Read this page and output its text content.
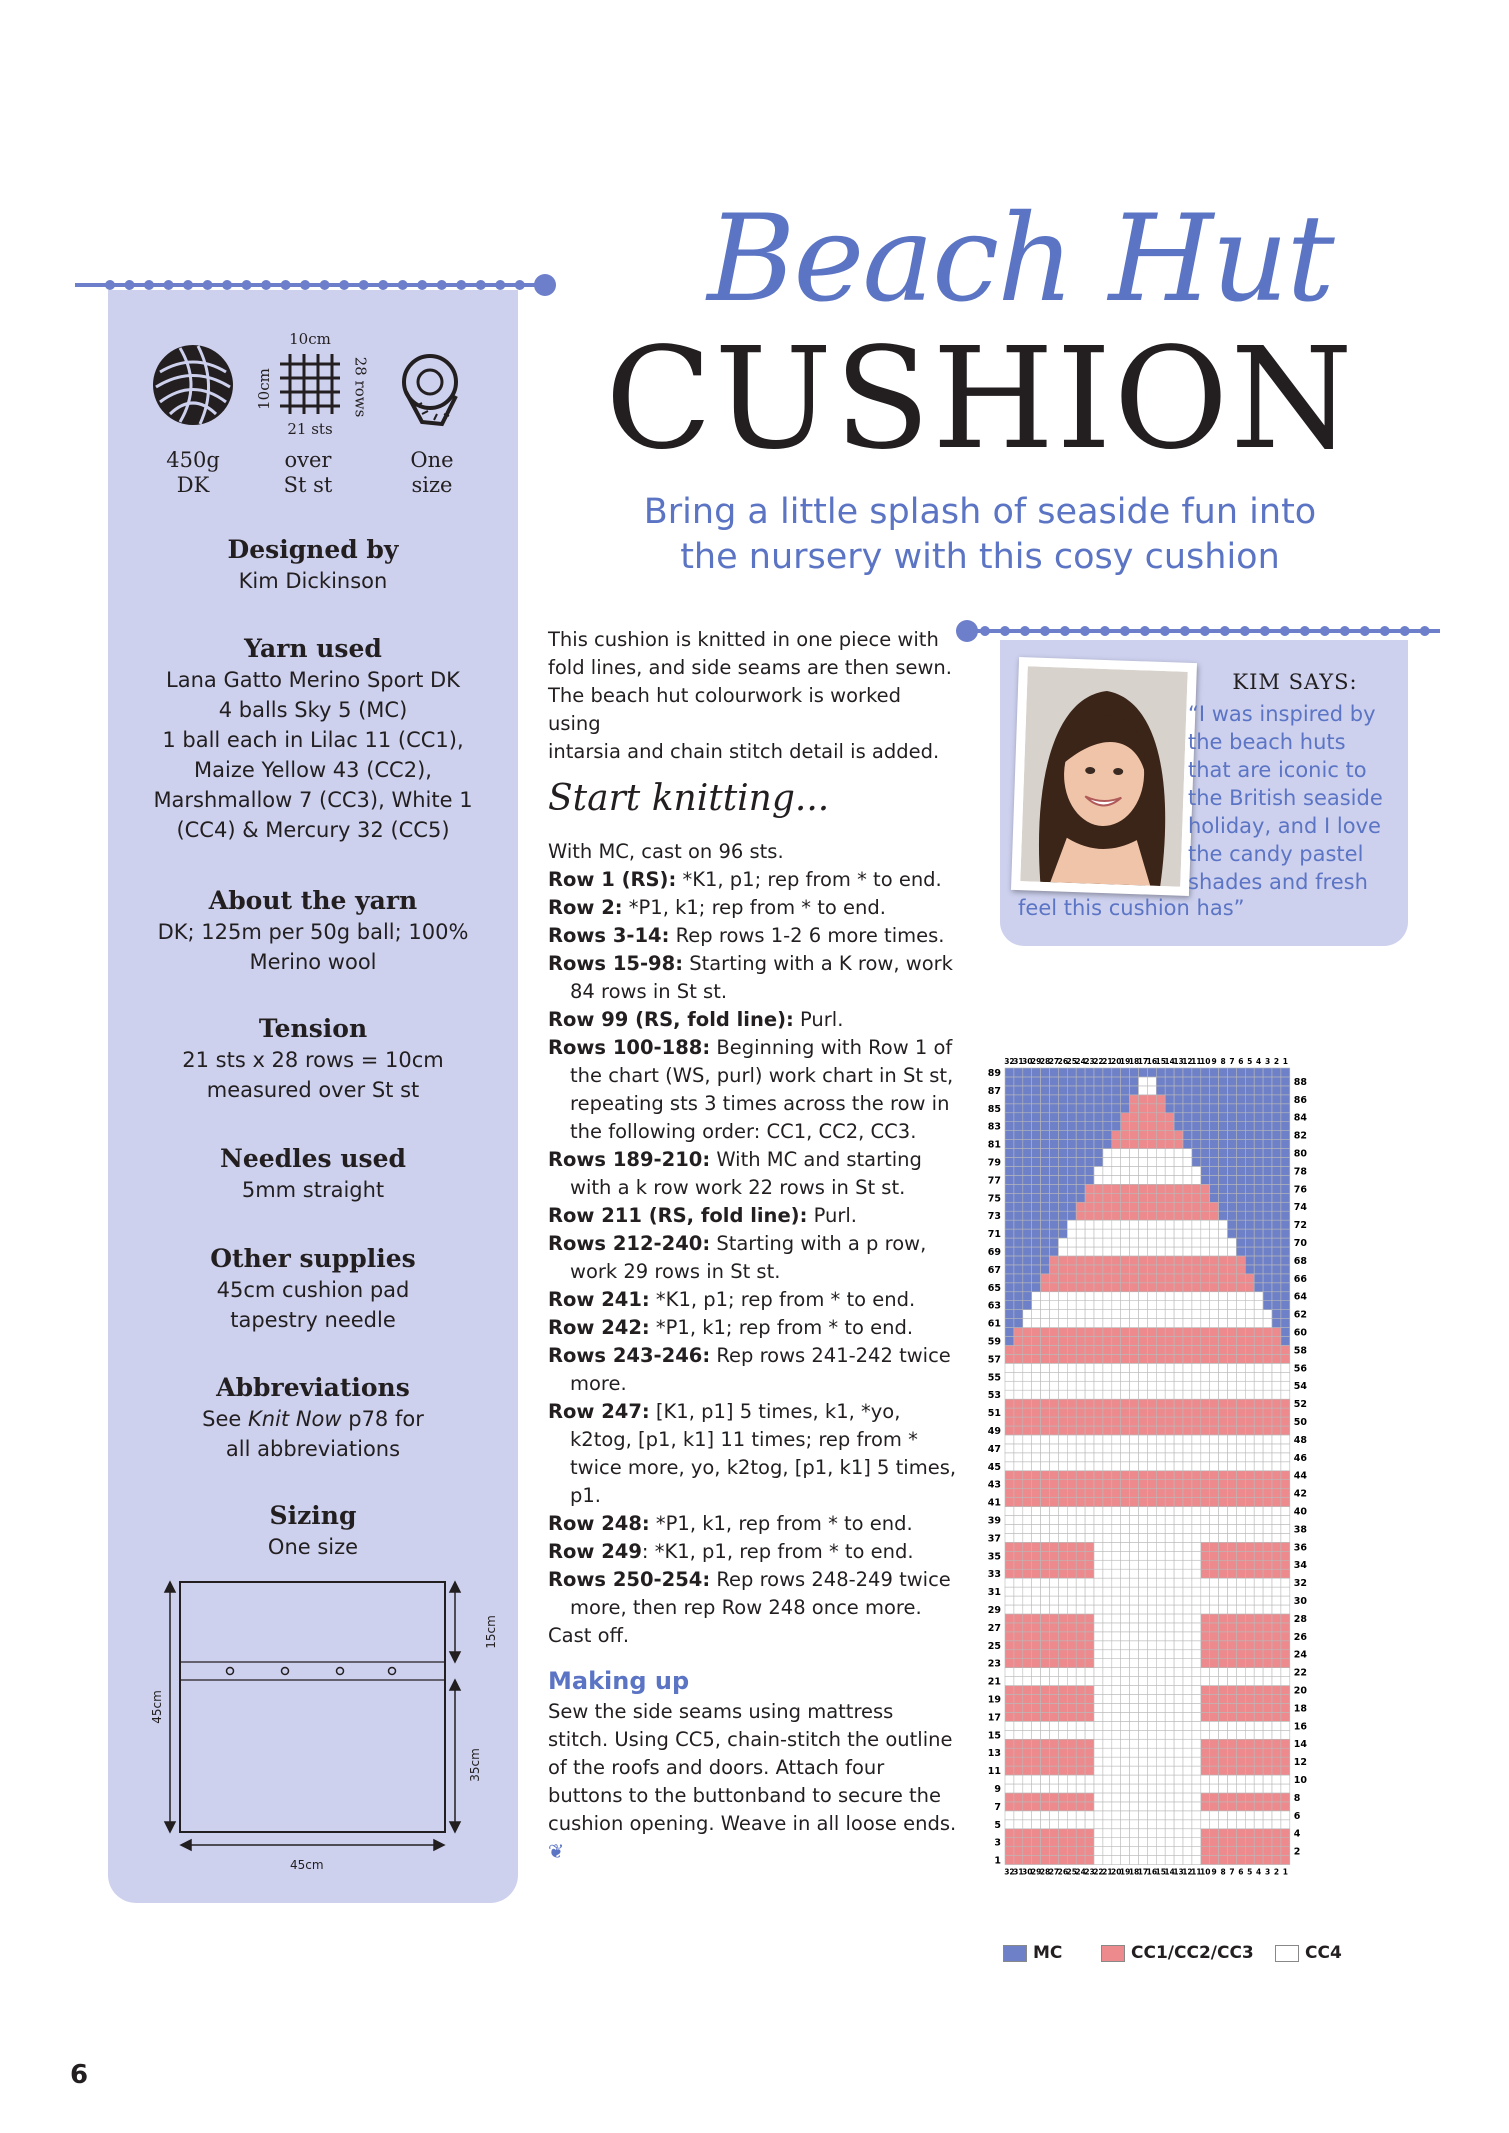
10cm
10cm	28 rows
21 sts
450g
DK
over
St st
One
size
Designed by

Kim Dickinson

Yarn used

Lana Gatto Merino Sport DK

4 balls Sky 5 (MC)

1 ball each in Lilac 11 (CC1),

Maize Yellow 43 (CC2),

Marshmallow 7 (CC3), White 1

(CC4) & Mercury 32 (CC5)

About the yarn

DK; 125m per 50g ball; 100%

Merino wool

Tension

21 sts x 28 rows = 10cm

measured over St st

Needles used

5mm straight

Other supplies

45cm cushion pad

tapestry needle

Abbreviations

See Knit Now p78 for

all abbreviations

Sizing

One size

45cm
45cm
15cm
35cm
Beach Hut
CUSHION
Bring a little splash of seaside fun into
the nursery with this cosy cushion

This cushion is knitted in one piece with

fold lines, and side seams are then sewn.

The beach hut colourwork is worked using

intarsia and chain stitch detail is added.

Start knitting...

With MC, cast on 96 sts.

Row 1 (RS): *K1, p1; rep from * to end.

Row 2: *P1, k1; rep from * to end.

Rows 3-14: Rep rows 1-2 6 more times.

Rows 15-98: Starting with a K row, work 84 rows in St st.

Row 99 (RS, fold line): Purl.

Rows 100-188: Beginning with Row 1 of the chart (WS, purl) work chart in St st, repeating sts 3 times across the row in the following order: CC1, CC2, CC3.

Rows 189-210: With MC and starting with a k row work 22 rows in St st.

Row 211 (RS, fold line): Purl.

Rows 212-240: Starting with a p row, work 29 rows in St st.

Row 241: *K1, p1; rep from * to end.

Row 242: *P1, k1; rep from * to end.

Rows 243-246: Rep rows 241-242 twice more.

Row 247: [K1, p1] 5 times, k1, *yo, k2tog, [p1, k1] 11 times; rep from * twice more, yo, k2tog, [p1, k1] 5 times, p1.

Row 248: *P1, k1, rep from * to end.

Row 249: *K1, p1, rep from * to end.

Rows 250-254: Rep rows 248-249 twice more, then rep Row 248 once more.

Cast off.

Making up

Sew the side seams using mattress stitch. Using CC5, chain-stitch the outline of the roofs and doors. Attach four buttons to the buttonband to secure the cushion opening. Weave in all loose ends. ❦

KIM SAYS:
“I was inspired by
the beach huts
that are iconic to
the British seaside
holiday, and I love
the candy pastel
shades and fresh
feel this cushion has”
1
2
3
4
5
6
7
8
9
10
11
12
13
14
15
16
17
18
19
20
21
22
23
24
25
26
27
28
29
30
31
32
33
34
35
36
37
38
39
40
41
42
43
44
45
46
47
48
49
50
51
52
53
54
55
56
57
58
59
60
61
62
63
64
65
66
67
68
69
70
71
72
73
74
75
76
77
78
79
80
81
82
83
84
85
86
87
88
89
32
31
30
29
28
27
26
25
24
23
22
21
20
19
18
17
16
15
14
13
12
11
10 9 8 7 6 5 4 3 2 1
32
31
30
29
28
27
26
25
24
23
22
21
20
19
18
17
16
15
14
13
12
11
10 9 8 7 6 5 4 3 2 1
MC	CC1/CC2/CC3	CC4
6
